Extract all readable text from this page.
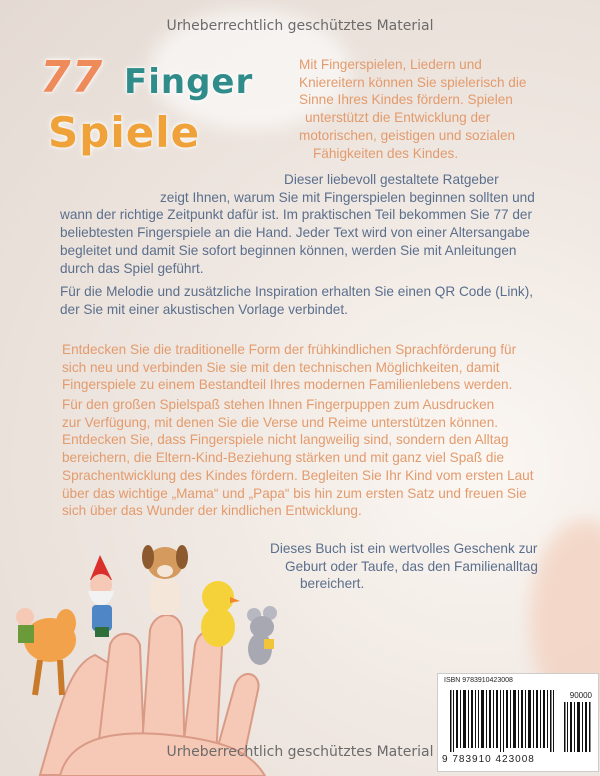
Urheberrechtlich geschütztes Material
77 Finger
Spiele

Mit Fingerspielen, Liedern und
Kniereitern können Sie spielerisch die
Sinne Ihres Kindes fördern. Spielen
unterstützt die Entwicklung der
motorischen, geistigen und sozialen
Fähigkeiten des Kindes.

Dieser liebevoll gestaltete Ratgeber
zeigt Ihnen, warum Sie mit Fingerspielen beginnen sollten und
wann der richtige Zeitpunkt dafür ist. Im praktischen Teil bekommen Sie 77 der
beliebtesten Fingerspiele an die Hand. Jeder Text wird von einer Altersangabe
begleitet und damit Sie sofort beginnen können, werden Sie mit Anleitungen
durch das Spiel geführt.

Für die Melodie und zusätzliche Inspiration erhalten Sie einen QR Code (Link),
der Sie mit einer akustischen Vorlage verbindet.

Entdecken Sie die traditionelle Form der frühkindlichen Sprachförderung für
sich neu und verbinden Sie sie mit den technischen Möglichkeiten, damit
Fingerspiele zu einem Bestandteil Ihres modernen Familienlebens werden.

Für den großen Spielspaß stehen Ihnen Fingerpuppen zum Ausdrucken
zur Verfügung, mit denen Sie die Verse und Reime unterstützen können.
Entdecken Sie, dass Fingerspiele nicht langweilig sind, sondern den Alltag
bereichern, die Eltern-Kind-Beziehung stärken und mit ganz viel Spaß die
Sprachentwicklung des Kindes fördern. Begleiten Sie Ihr Kind vom ersten Laut
über das wichtige „Mama“ und „Papa“ bis hin zum ersten Satz und freuen Sie
sich über das Wunder der kindlichen Entwicklung.

Dieses Buch ist ein wertvolles Geschenk zur
Geburt oder Taufe, das den Familienalltag
bereichert.

ISBN 9783910423008
90000
9 783910 423008
Urheberrechtlich geschütztes Material
